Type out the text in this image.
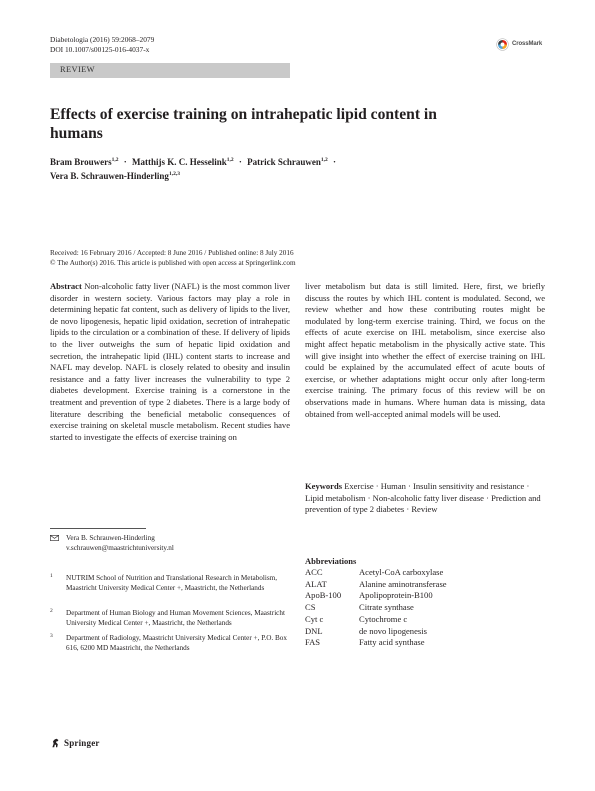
Diabetologia (2016) 59:2068–2079
DOI 10.1007/s00125-016-4037-x
CrossMark
REVIEW
Effects of exercise training on intrahepatic lipid content in humans
Bram Brouwers$^{1,2}$ · Matthijs K. C. Hesselink$^{1,2}$ · Patrick Schrauwen$^{1,2}$ ·
Vera B. Schrauwen-Hinderling$^{1,2,3}$
Received: 16 February 2016 / Accepted: 8 June 2016 / Published online: 8 July 2016
© The Author(s) 2016. This article is published with open access at Springerlink.com
Abstract Non-alcoholic fatty liver (NAFL) is the most common liver disorder in western society. Various factors may play a role in determining hepatic fat content, such as delivery of lipids to the liver, de novo lipogenesis, hepatic lipid oxidation, secretion of intrahepatic lipids to the circulation or a combination of these. If delivery of lipids to the liver outweighs the sum of hepatic lipid oxidation and secretion, the intrahepatic lipid (IHL) content starts to increase and NAFL may develop. NAFL is closely related to obesity and insulin resistance and a fatty liver increases the vulnerability to type 2 diabetes development. Exercise training is a cornerstone in the treatment and prevention of type 2 diabetes. There is a large body of literature describing the beneficial metabolic consequences of exercise training on skeletal muscle metabolism. Recent studies have started to investigate the effects of exercise training on
liver metabolism but data is still limited. Here, first, we briefly discuss the routes by which IHL content is modulated. Second, we review whether and how these contributing routes might be modulated by long-term exercise training. Third, we focus on the effects of acute exercise on IHL metabolism, since exercise also might affect hepatic metabolism in the physically active state. This will give insight into whether the effect of exercise training on IHL could be explained by the accumulated effect of acute bouts of exercise, or whether adaptations might occur only after long-term exercise training. The primary focus of this review will be on observations made in humans. Where human data is missing, data obtained from well-accepted animal models will be used.
Keywords Exercise · Human · Insulin sensitivity and resistance · Lipid metabolism · Non-alcoholic fatty liver disease · Prediction and prevention of type 2 diabetes · Review
Vera B. Schrauwen-Hinderling
v.schrauwen@maastrichtuniversity.nl
1 NUTRIM School of Nutrition and Translational Research in Metabolism, Maastricht University Medical Center +, Maastricht, the Netherlands
2 Department of Human Biology and Human Movement Sciences, Maastricht University Medical Center +, Maastricht, the Netherlands
3 Department of Radiology, Maastricht University Medical Center +, P.O. Box 616, 6200 MD Maastricht, the Netherlands
Abbreviations
ACC	Acetyl-CoA carboxylase
ALAT	Alanine aminotransferase
ApoB-100	Apolipoprotein-B100
CS	Citrate synthase
Cyt c	Cytochrome c
DNL	de novo lipogenesis
FAS	Fatty acid synthase
Springer
